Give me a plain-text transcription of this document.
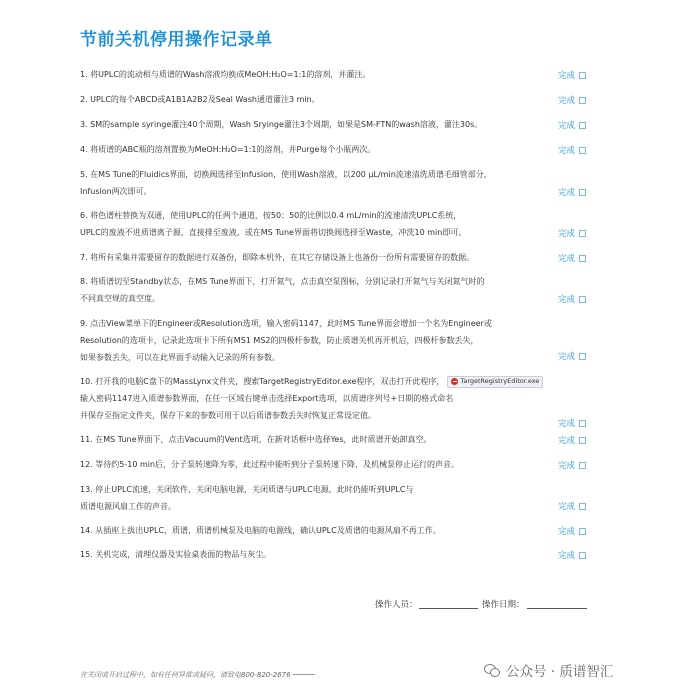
节前关机停用操作记录单
1. 将UPLC的流动相与质谱的Wash溶液均换成MeOH:H₂O=1:1的溶剂，并灌注。	完成
2. UPLC的每个ABCD或A1B1A2B2及Seal Wash通道灌注3 min。	完成
3. SM的sample syringe灌注40个周期，Wash Sryinge灌注3个周期，如果是SM-FTN的wash溶液，灌注30s。	完成
4. 将质谱的ABC瓶的溶剂置换为MeOH:H₂O=1:1的溶剂，并Purge每个小瓶两次。	完成
5. 在MS Tune的Fluidics界面，切换阀选择至Infusion，使用Wash溶液，以200 μL/min流速清洗质谱毛细管部分，
Infusion两次即可。	完成
6. 将色谱柱替换为双通，使用UPLC的任两个通道，按50：50的比例以0.4 mL/min的流速清洗UPLC系统，
UPLC的废液不进质谱离子源，直接排至废液，或在MS Tune界面将切换阀选择至Waste，冲洗10 min即可。	完成
7. 将所有采集并需要留存的数据进行双备份，即除本机外，在其它存储设备上也备份一份所有需要留存的数据。	完成
8. 将质谱切至Standby状态，在MS Tune界面下，打开氮气，点击真空泵图标，分别记录打开氮气与关闭氮气时的
不同真空规的真空度。	完成
9. 点击View菜单下的Engineer或Resolution选项，输入密码1147，此时MS Tune界面会增加一个名为Engineer或
Resolution的选项卡，记录此选项卡下所有MS1 MS2的四极杆参数，防止质谱关机再开机后，四极杆参数丢失，
如果参数丢失，可以在此界面手动输入记录的所有参数。	完成
10. 打开我的电脑C盘下的MassLynx文件夹，搜索TargetRegistryEditor.exe程序，双击打开此程序， TargetRegistryEditor.exe
输入密码1147进入质谱参数界面，在任一区域右键单击选择Export选项，以质谱序列号+日期的格式命名
并保存至指定文件夹，保存下来的参数可用于以后质谱参数丢失时恢复正常设定值。
完成
11. 在MS Tune界面下，点击Vacuum的Vent选项，在新对话框中选择Yes，此时质谱开始卸真空。	完成
12. 等待约5-10 min后，分子泵转速降为零，此过程中能听到分子泵转速下降，及机械泵停止运行的声音。	完成
13. 停止UPLC流速，关闭软件，关闭电脑电源，关闭质谱与UPLC电源，此时仍能听到UPLC与
质谱电源风扇工作的声音。	完成
14. 从插座上拔出UPLC，质谱，质谱机械泵及电脑的电源线，确认UPLC及质谱的电源风扇不再工作。	完成
15. 关机完成，清理仪器及实验桌表面的物品与灰尘。	完成
操作人员：	操作日期：
在关闭或开启过程中，如有任何异常或疑问，请致电800-820-2676	公众号 · 质谱智汇
